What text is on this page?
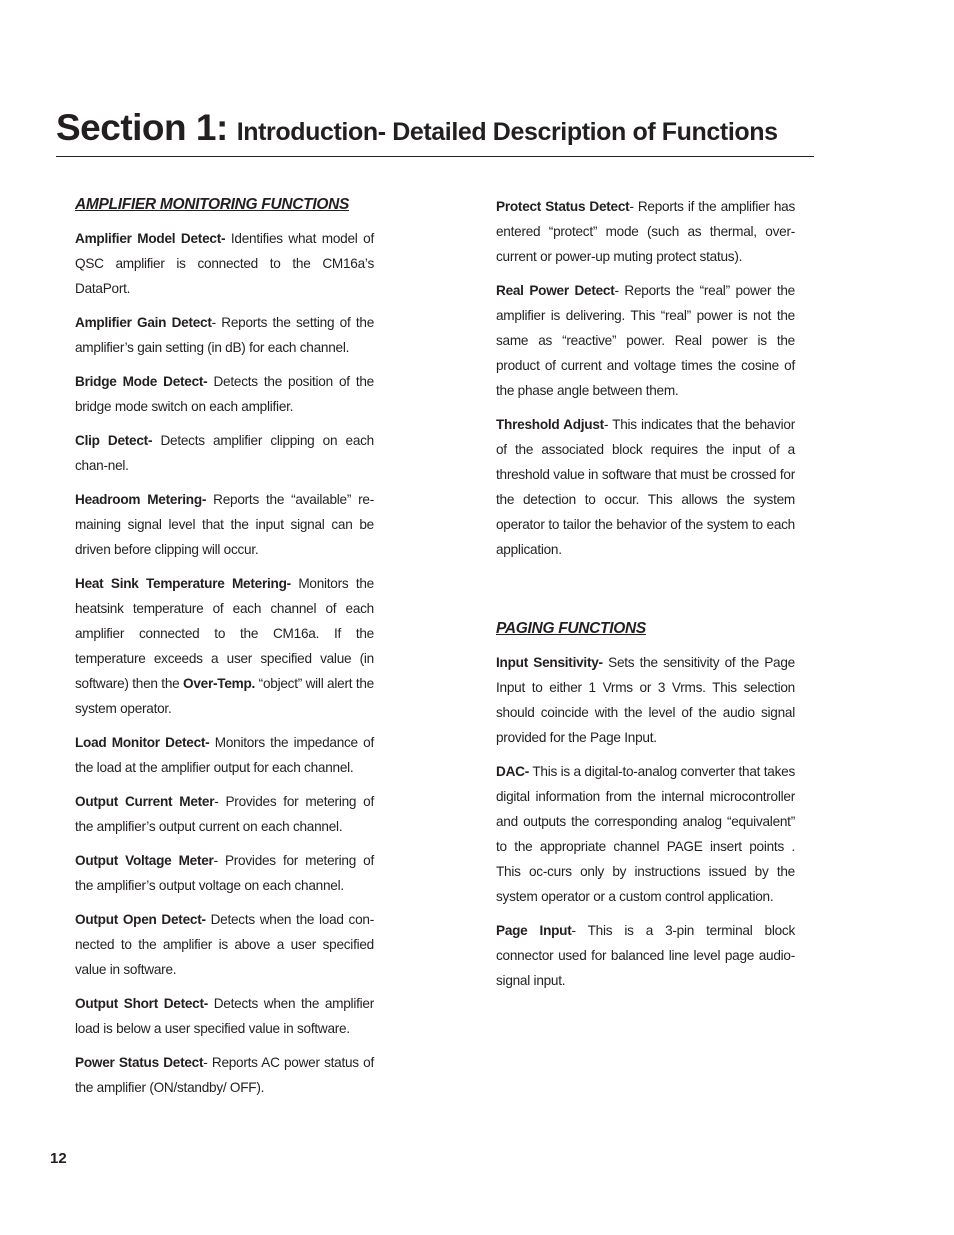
Section 1: Introduction- Detailed Description of Functions
AMPLIFIER MONITORING FUNCTIONS

Amplifier Model Detect- Identifies what model of QSC amplifier is connected to the CM16a’s DataPort.

Amplifier Gain Detect- Reports the setting of the amplifier’s gain setting (in dB) for each channel.

Bridge Mode Detect- Detects the position of the bridge mode switch on each amplifier.

Clip Detect- Detects amplifier clipping on each chan-nel.

Headroom Metering- Reports the “available” re-maining signal level that the input signal can be driven before clipping will occur.

Heat Sink Temperature Metering- Monitors the heatsink temperature of each channel of each amplifier connected to the CM16a. If the temperature exceeds a user specified value (in software) then the Over-Temp. “object” will alert the system operator.

Load Monitor Detect- Monitors the impedance of the load at the amplifier output for each channel.

Output Current Meter- Provides for metering of the amplifier’s output current on each channel.

Output Voltage Meter- Provides for metering of the amplifier’s output voltage on each channel.

Output Open Detect- Detects when the load con-nected to the amplifier is above a user specified value in software.

Output Short Detect- Detects when the amplifier load is below a user specified value in software.

Power Status Detect- Reports AC power status of the amplifier (ON/standby/ OFF).

Protect Status Detect- Reports if the amplifier has entered “protect” mode (such as thermal, over-current or power-up muting protect status).

Real Power Detect- Reports the “real” power the amplifier is delivering. This “real” power is not the same as “reactive” power. Real power is the product of current and voltage times the cosine of the phase angle between them.

Threshold Adjust- This indicates that the behavior of the associated block requires the input of a threshold value in software that must be crossed for the detection to occur. This allows the system operator to tailor the behavior of the system to each application.

PAGING FUNCTIONS

Input Sensitivity- Sets the sensitivity of the Page Input to either 1 Vrms or 3 Vrms. This selection should coincide with the level of the audio signal provided for the Page Input.

DAC- This is a digital-to-analog converter that takes digital information from the internal microcontroller and outputs the corresponding analog “equivalent” to the appropriate channel PAGE insert points . This oc-curs only by instructions issued by the system operator or a custom control application.

Page Input- This is a 3-pin terminal block connector used for balanced line level page audio-signal input.

12
